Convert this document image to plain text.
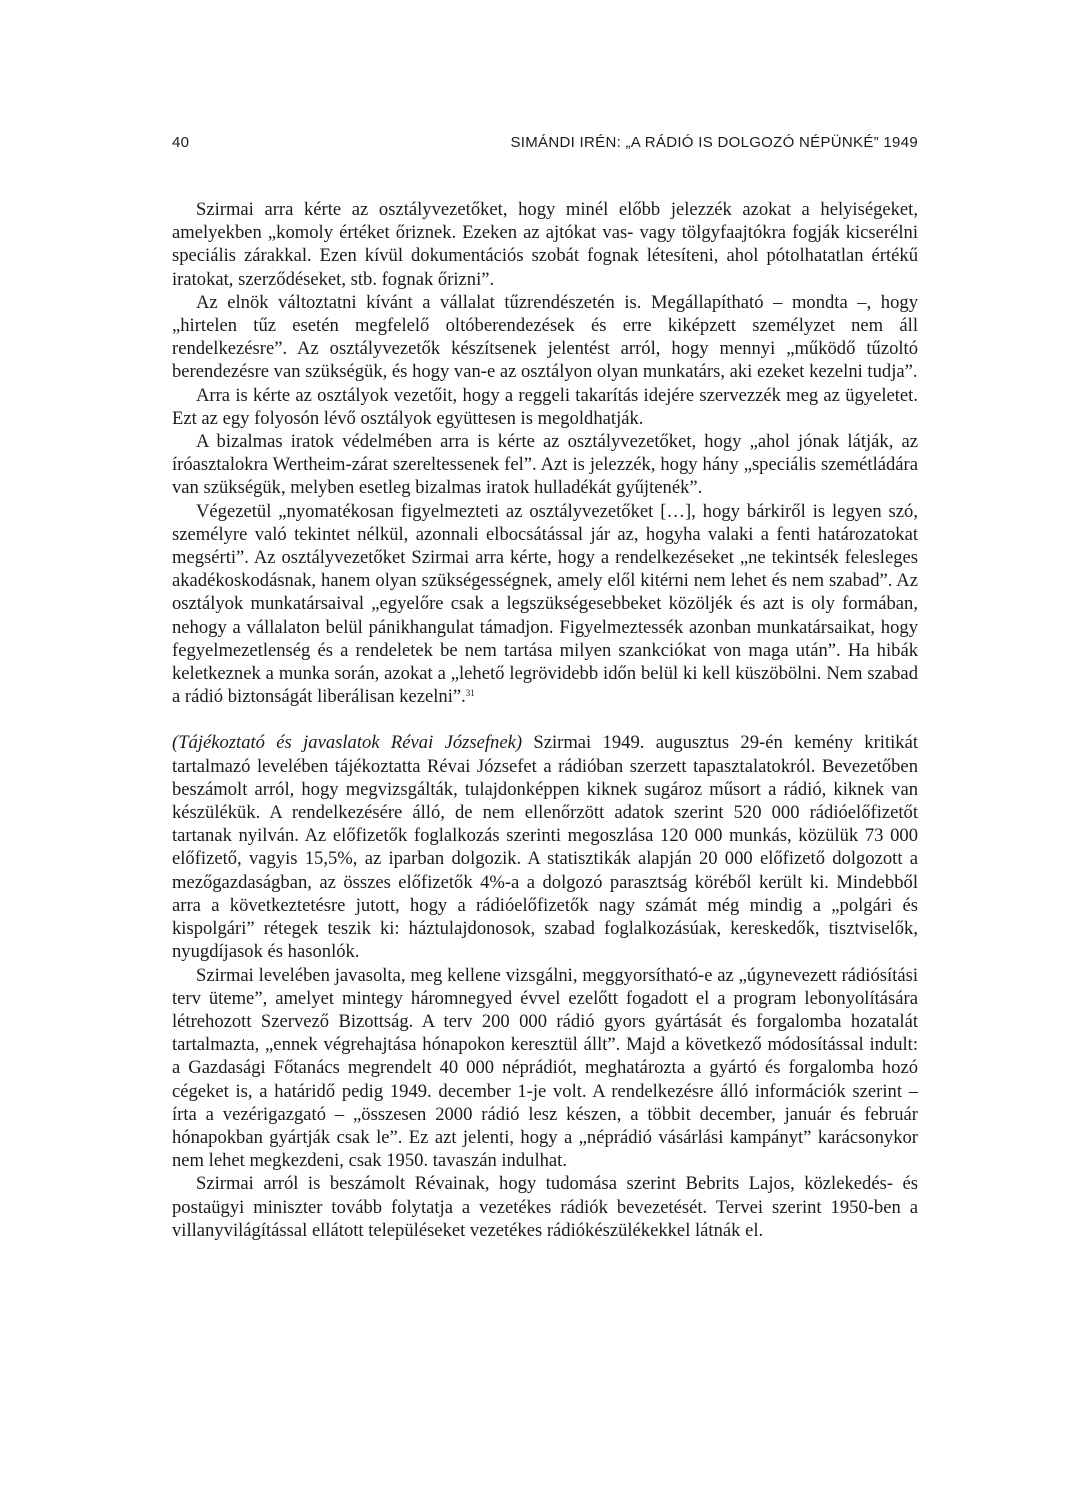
40	SIMÁNDI IRÉN: „A RÁDIÓ IS DOLGOZÓ NÉPÜNKÉ” 1949

Szirmai arra kérte az osztályvezetőket, hogy minél előbb jelezzék azokat a helyiségeket, amelyekben „komoly értéket őriznek. Ezeken az ajtókat vas- vagy tölgyfaajtókra fogják kicserélni speciális zárakkal. Ezen kívül dokumentációs szobát fognak létesíteni, ahol pótolhatatlan értékű iratokat, szerződéseket, stb. fognak őrizni”.

Az elnök változtatni kívánt a vállalat tűzrendészetén is. Megállapítható – mondta –, hogy „hirtelen tűz esetén megfelelő oltóberendezések és erre kiképzett személyzet nem áll rendelkezésre”. Az osztályvezetők készítsenek jelentést arról, hogy mennyi „működő tűzoltó berendezésre van szükségük, és hogy van-e az osztályon olyan munkatárs, aki ezeket kezelni tudja”.

Arra is kérte az osztályok vezetőit, hogy a reggeli takarítás idejére szervezzék meg az ügyeletet. Ezt az egy folyosón lévő osztályok együttesen is megoldhatják.

A bizalmas iratok védelmében arra is kérte az osztályvezetőket, hogy „ahol jónak látják, az íróasztalokra Wertheim-zárat szereltessenek fel”. Azt is jelezzék, hogy hány „speciális szemétládára van szükségük, melyben esetleg bizalmas iratok hulladékát gyűjtenék”.

Végezetül „nyomatékosan figyelmezteti az osztályvezetőket […], hogy bárkiről is legyen szó, személyre való tekintet nélkül, azonnali elbocsátással jár az, hogyha valaki a fenti határozatokat megsérti”. Az osztályvezetőket Szirmai arra kérte, hogy a rendelkezéseket „ne tekintsék felesleges akadékoskodásnak, hanem olyan szükségességnek, amely elől kitérni nem lehet és nem szabad”. Az osztályok munkatársaival „egyelőre csak a legszükségesebbeket közöljék és azt is oly formában, nehogy a vállalaton belül pánikhangulat támadjon. Figyelmeztessék azonban munkatársaikat, hogy fegyelmezetlenség és a rendeletek be nem tartása milyen szankciókat von maga után”. Ha hibák keletkeznek a munka során, azokat a „lehető legrövidebb időn belül ki kell küszöbölni. Nem szabad a rádió biztonságát liberálisan kezelni”.$^{31}$

(Tájékoztató és javaslatok Révai Józsefnek) Szirmai 1949. augusztus 29-én kemény kritikát tartalmazó levelében tájékoztatta Révai Józsefet a rádióban szerzett tapasztalatokról. Bevezetőben beszámolt arról, hogy megvizsgálták, tulajdonképpen kiknek sugároz műsort a rádió, kiknek van készülékük. A rendelkezésére álló, de nem ellenőrzött adatok szerint 520 000 rádióelőfizetőt tartanak nyilván. Az előfizetők foglalkozás szerinti megoszlása 120 000 munkás, közülük 73 000 előfizető, vagyis 15,5%, az iparban dolgozik. A statisztikák alapján 20 000 előfizető dolgozott a mezőgazdaságban, az összes előfizetők 4%-a a dolgozó parasztság köréből került ki. Mindebből arra a következtetésre jutott, hogy a rádióelőfizetők nagy számát még mindig a „polgári és kispolgári” rétegek teszik ki: háztulajdonosok, szabad foglalkozásúak, kereskedők, tisztviselők, nyugdíjasok és hasonlók.

Szirmai levelében javasolta, meg kellene vizsgálni, meggyorsítható-e az „úgynevezett rádiósítási terv üteme”, amelyet mintegy háromnegyed évvel ezelőtt fogadott el a program lebonyolítására létrehozott Szervező Bizottság. A terv 200 000 rádió gyors gyártását és forgalomba hozatalát tartalmazta, „ennek végrehajtása hónapokon keresztül állt”. Majd a következő módosítással indult: a Gazdasági Főtanács megrendelt 40 000 néprádiót, meghatározta a gyártó és forgalomba hozó cégeket is, a határidő pedig 1949. december 1-je volt. A rendelkezésre álló információk szerint – írta a vezérigazgató – „összesen 2000 rádió lesz készen, a többit december, január és február hónapokban gyártják csak le”. Ez azt jelenti, hogy a „néprádió vásárlási kampányt” karácsonykor nem lehet megkezdeni, csak 1950. tavaszán indulhat.

Szirmai arról is beszámolt Révainak, hogy tudomása szerint Bebrits Lajos, közlekedés- és postaügyi miniszter tovább folytatja a vezetékes rádiók bevezetését. Tervei szerint 1950-ben a villanyvilágítással ellátott településeket vezetékes rádiókészülékekkel látnák el.
